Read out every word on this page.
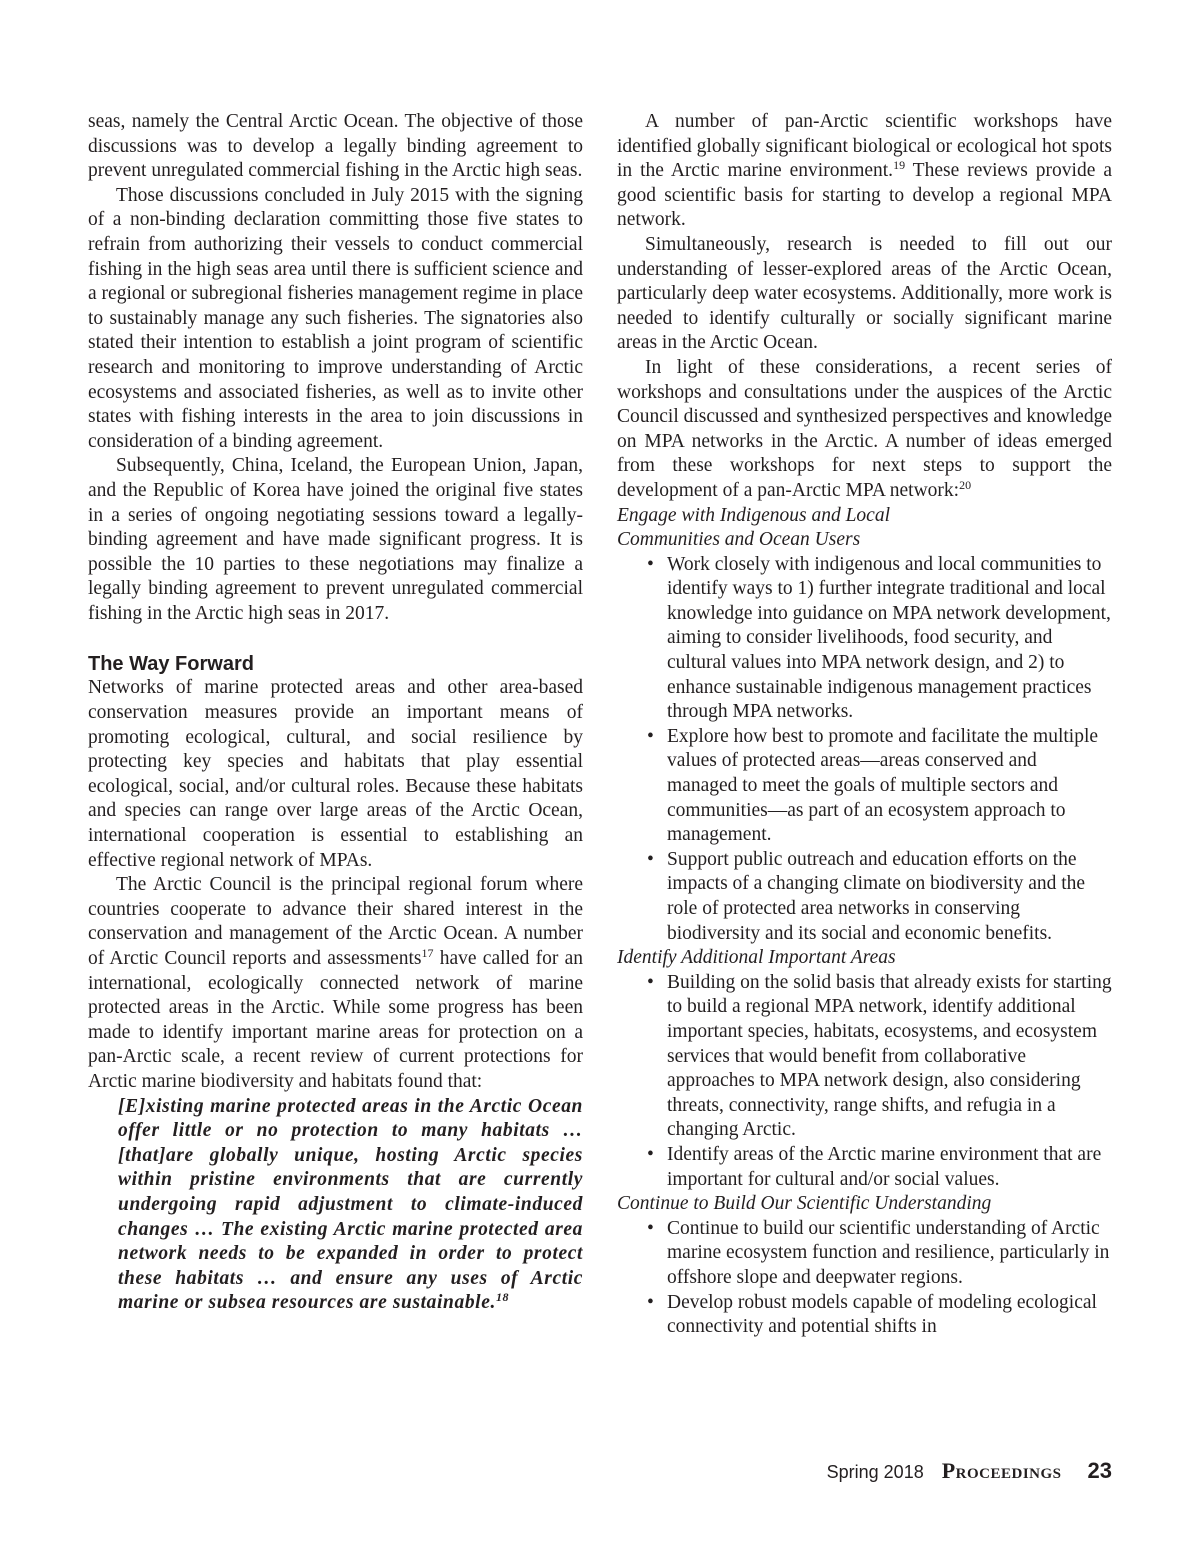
seas, namely the Central Arctic Ocean. The objective of those discussions was to develop a legally binding agreement to prevent unregulated commercial fishing in the Arctic high seas.

Those discussions concluded in July 2015 with the signing of a non-binding declaration committing those five states to refrain from authorizing their vessels to conduct commercial fishing in the high seas area until there is sufficient science and a regional or subregional fisheries management regime in place to sustainably manage any such fisheries. The signatories also stated their intention to establish a joint program of scientific research and monitoring to improve understanding of Arctic ecosystems and associated fisheries, as well as to invite other states with fishing interests in the area to join discussions in consideration of a binding agreement.

Subsequently, China, Iceland, the European Union, Japan, and the Republic of Korea have joined the original five states in a series of ongoing negotiating sessions toward a legally-binding agreement and have made significant progress. It is possible the 10 parties to these negotiations may finalize a legally binding agreement to prevent unregulated commercial fishing in the Arctic high seas in 2017.

The Way Forward

Networks of marine protected areas and other area-based conservation measures provide an important means of promoting ecological, cultural, and social resilience by protecting key species and habitats that play essential ecological, social, and/or cultural roles. Because these habitats and species can range over large areas of the Arctic Ocean, international cooperation is essential to establishing an effective regional network of MPAs.

The Arctic Council is the principal regional forum where countries cooperate to advance their shared interest in the conservation and management of the Arctic Ocean. A number of Arctic Council reports and assessments$^{17}$ have called for an international, ecologically connected network of marine protected areas in the Arctic. While some progress has been made to identify important marine areas for protection on a pan-Arctic scale, a recent review of current protections for Arctic marine biodiversity and habitats found that:

[E]xisting marine protected areas in the Arctic Ocean offer little or no protection to many habitats … [that]are globally unique, hosting Arctic species within pristine environments that are currently undergoing rapid adjustment to climate-induced changes … The existing Arctic marine protected area network needs to be expanded in order to protect these habitats … and ensure any uses of Arctic marine or subsea resources are sustainable.$^{18}$

A number of pan-Arctic scientific workshops have identified globally significant biological or ecological hot spots in the Arctic marine environment.$^{19}$ These reviews provide a good scientific basis for starting to develop a regional MPA network.

Simultaneously, research is needed to fill out our understanding of lesser-explored areas of the Arctic Ocean, particularly deep water ecosystems. Additionally, more work is needed to identify culturally or socially significant marine areas in the Arctic Ocean.

In light of these considerations, a recent series of workshops and consultations under the auspices of the Arctic Council discussed and synthesized perspectives and knowledge on MPA networks in the Arctic. A number of ideas emerged from these workshops for next steps to support the development of a pan-Arctic MPA network:$^{20}$

Engage with Indigenous and Local
Communities and Ocean Users
• Work closely with indigenous and local communities to identify ways to 1) further integrate traditional and local knowledge into guidance on MPA network development, aiming to consider livelihoods, food security, and cultural values into MPA network design, and 2) to enhance sustainable indigenous management practices through MPA networks.
• Explore how best to promote and facilitate the multiple values of protected areas—areas conserved and managed to meet the goals of multiple sectors and communities—as part of an ecosystem approach to management.
• Support public outreach and education efforts on the impacts of a changing climate on biodiversity and the role of protected area networks in conserving biodiversity and its social and economic benefits.
Identify Additional Important Areas
• Building on the solid basis that already exists for starting to build a regional MPA network, identify additional important species, habitats, ecosystems, and ecosystem services that would benefit from collaborative approaches to MPA network design, also considering threats, connectivity, range shifts, and refugia in a changing Arctic.
• Identify areas of the Arctic marine environment that are important for cultural and/or social values.
Continue to Build Our Scientific Understanding
• Continue to build our scientific understanding of Arctic marine ecosystem function and resilience, particularly in offshore slope and deepwater regions.
• Develop robust models capable of modeling ecological connectivity and potential shifts in
Spring 2018 Proceedings 23
